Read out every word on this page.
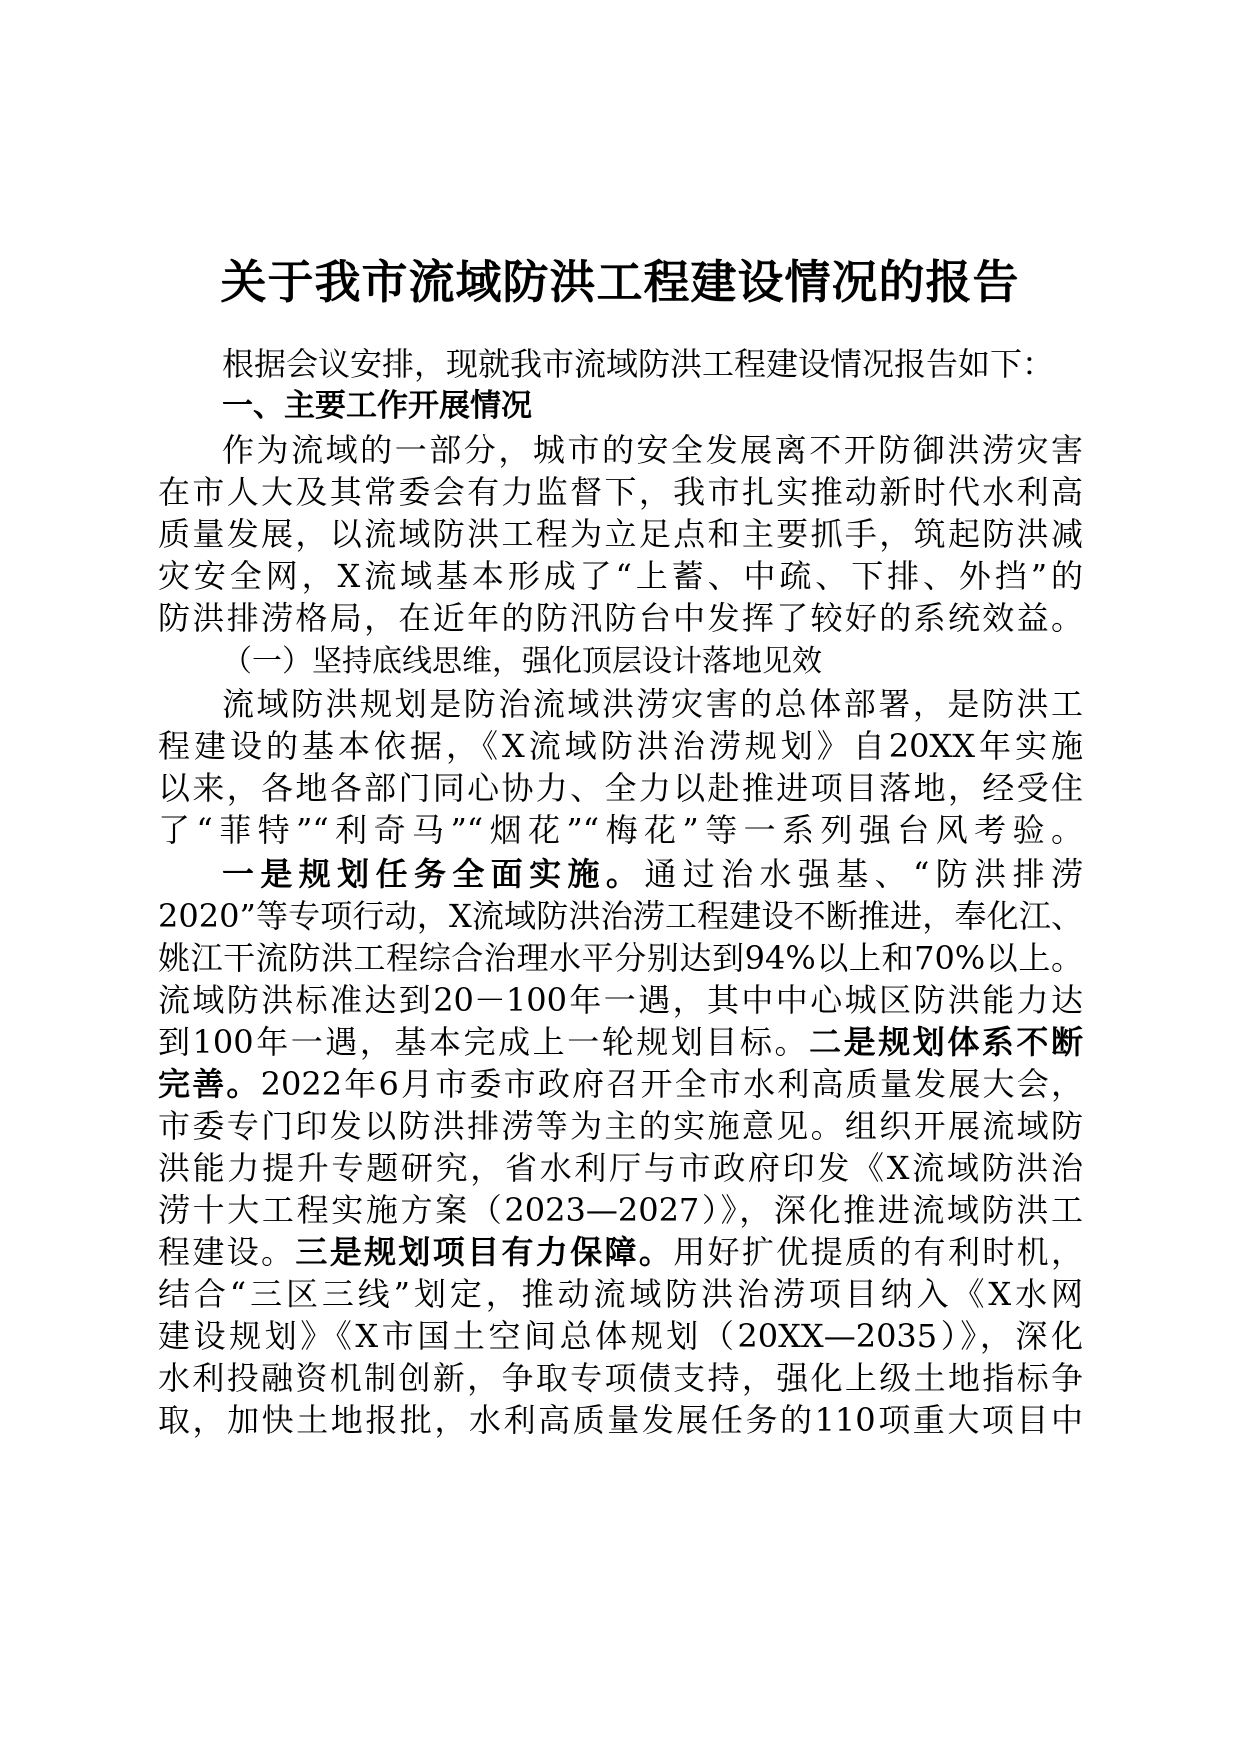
关于我市流域防洪工程建设情况的报告
根据会议安排，现就我市流域防洪工程建设情况报告如下：
一、主要工作开展情况
作为流域的一部分，城市的安全发展离不开防御洪涝灾害
在市人大及其常委会有力监督下，我市扎实推动新时代水利高
质量发展，以流域防洪工程为立足点和主要抓手，筑起防洪减
灾安全网，X流域基本形成了“上蓄、中疏、下排、外挡”的
防洪排涝格局，在近年的防汛防台中发挥了较好的系统效益。
（一）坚持底线思维，强化顶层设计落地见效
流域防洪规划是防治流域洪涝灾害的总体部署，是防洪工
程建设的基本依据，《X流域防洪治涝规划》自20XX年实施
以来，各地各部门同心协力、全力以赴推进项目落地，经受住
了“菲特”“利奇马”“烟花”“梅花”等一系列强台风考验。
一是规划任务全面实施。通过治水强基、“防洪排涝
2020”等专项行动，X流域防洪治涝工程建设不断推进，奉化江、
姚江干流防洪工程综合治理水平分别达到94%以上和70%以上。
流域防洪标准达到20－100年一遇，其中中心城区防洪能力达
到100年一遇，基本完成上一轮规划目标。二是规划体系不断
完善。2022年6月市委市政府召开全市水利高质量发展大会，
市委专门印发以防洪排涝等为主的实施意见。组织开展流域防
洪能力提升专题研究，省水利厅与市政府印发《X流域防洪治
涝十大工程实施方案（2023—2027）》，深化推进流域防洪工
程建设。三是规划项目有力保障。用好扩优提质的有利时机，
结合“三区三线”划定，推动流域防洪治涝项目纳入《X水网
建设规划》《X市国土空间总体规划（20XX—2035）》，深化
水利投融资机制创新，争取专项债支持，强化上级土地指标争
取，加快土地报批，水利高质量发展任务的110项重大项目中
